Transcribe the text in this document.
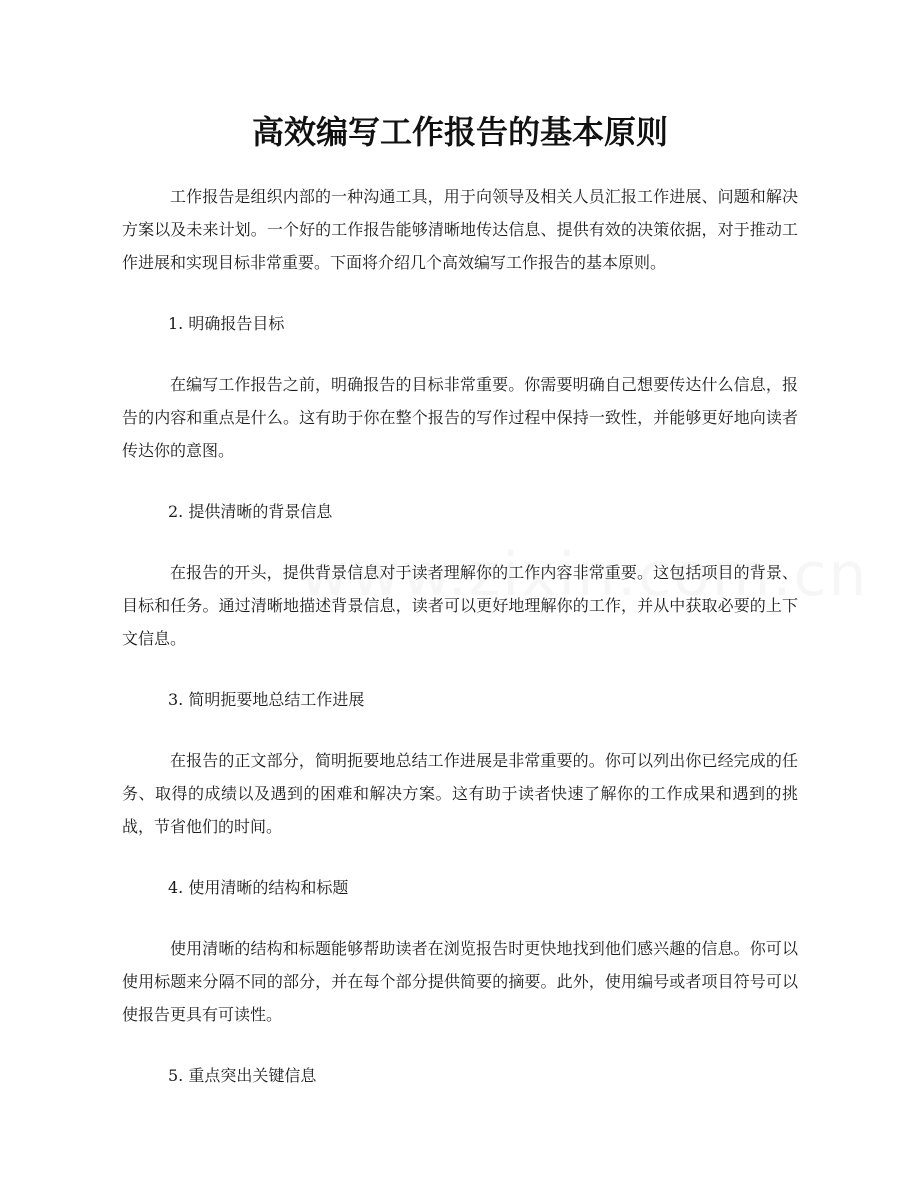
高效编写工作报告的基本原则

工作报告是组织内部的一种沟通工具，用于向领导及相关人员汇报工作进展、问题和解决方案以及未来计划。一个好的工作报告能够清晰地传达信息、提供有效的决策依据，对于推动工作进展和实现目标非常重要。下面将介绍几个高效编写工作报告的基本原则。

1. 明确报告目标

在编写工作报告之前，明确报告的目标非常重要。你需要明确自己想要传达什么信息，报告的内容和重点是什么。这有助于你在整个报告的写作过程中保持一致性，并能够更好地向读者传达你的意图。

2. 提供清晰的背景信息

在报告的开头，提供背景信息对于读者理解你的工作内容非常重要。这包括项目的背景、目标和任务。通过清晰地描述背景信息，读者可以更好地理解你的工作，并从中获取必要的上下文信息。

3. 简明扼要地总结工作进展

在报告的正文部分，简明扼要地总结工作进展是非常重要的。你可以列出你已经完成的任务、取得的成绩以及遇到的困难和解决方案。这有助于读者快速了解你的工作成果和遇到的挑战，节省他们的时间。

4. 使用清晰的结构和标题

使用清晰的结构和标题能够帮助读者在浏览报告时更快地找到他们感兴趣的信息。你可以使用标题来分隔不同的部分，并在每个部分提供简要的摘要。此外，使用编号或者项目符号可以使报告更具有可读性。

5. 重点突出关键信息
